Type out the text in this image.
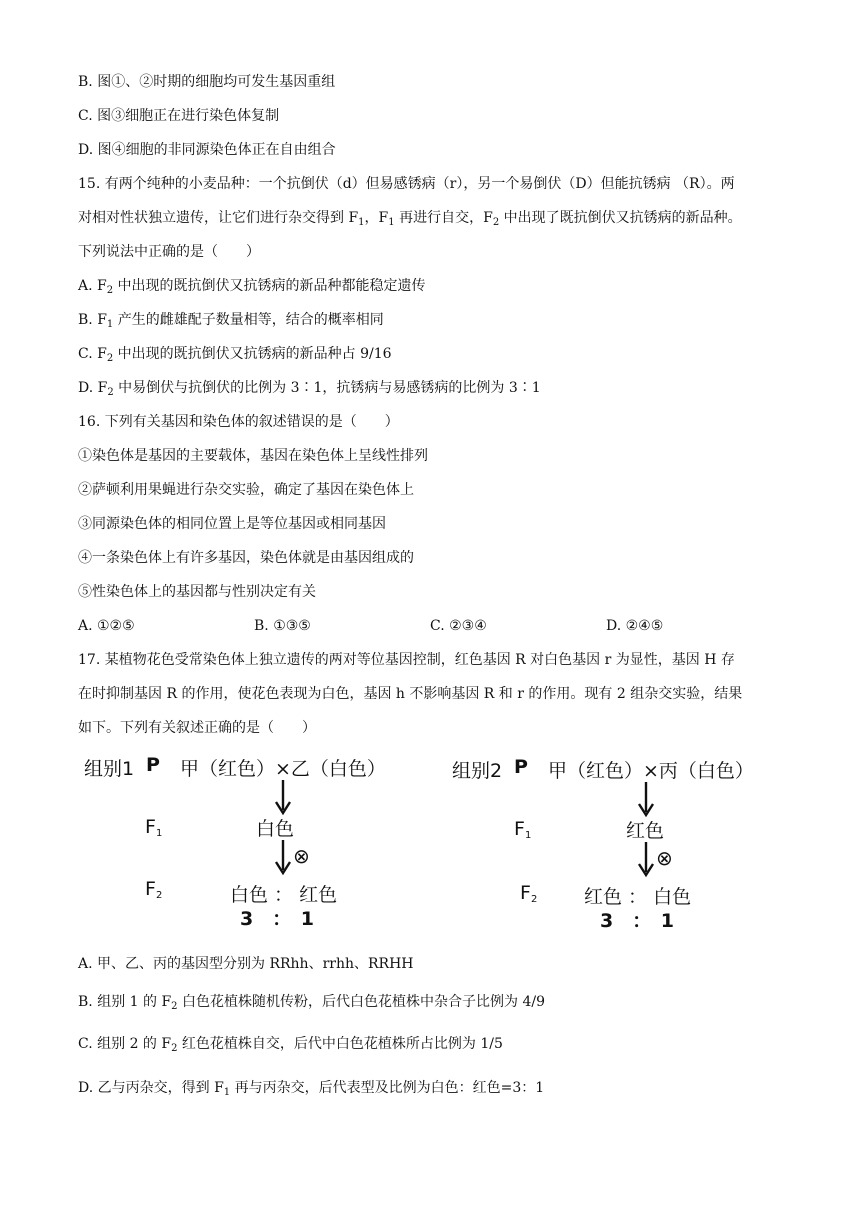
B. 图①、②时期的细胞均可发生基因重组
C. 图③细胞正在进行染色体复制
D. 图④细胞的非同源染色体正在自由组合
15. 有两个纯种的小麦品种：一个抗倒伏（d）但易感锈病（r），另一个易倒伏（D）但能抗锈病 （R）。两
对相对性状独立遗传，让它们进行杂交得到 $F_1$，$F_1$ 再进行自交，$F_2$ 中出现了既抗倒伏又抗锈病的新品种。
下列说法中正确的是（　　）
A. $F_2$ 中出现的既抗倒伏又抗锈病的新品种都能稳定遗传
B. $F_1$ 产生的雌雄配子数量相等，结合的概率相同
C. $F_2$ 中出现的既抗倒伏又抗锈病的新品种占 9/16
D. $F_2$ 中易倒伏与抗倒伏的比例为 3∶1，抗锈病与易感锈病的比例为 3∶1
16. 下列有关基因和染色体的叙述错误的是（　　）
①染色体是基因的主要载体，基因在染色体上呈线性排列
②萨顿利用果蝇进行杂交实验，确定了基因在染色体上
③同源染色体的相同位置上是等位基因或相同基因
④一条染色体上有许多基因，染色体就是由基因组成的
⑤性染色体上的基因都与性别决定有关
A. ①②⑤	B. ①③⑤	C. ②③④	D. ②④⑤
17. 某植物花色受常染色体上独立遗传的两对等位基因控制，红色基因 R 对白色基因 r 为显性，基因 H 存
在时抑制基因 R 的作用，使花色表现为白色，基因 h 不影响基因 R 和 r 的作用。现有 2 组杂交实验，结果
如下。下列有关叙述正确的是（　　）
组别1 P 甲（红色）×乙（白色）
$F_1$	白色
⊗
$F_2$	白色 ： 红色
3　：　1
组别2 P 甲（红色）×丙（白色）
$F_1$	红色
⊗
$F_2$ 红色 ： 白色
3　：　1
A. 甲、乙、丙的基因型分别为 RRhh、rrhh、RRHH
B. 组别 1 的 $F_2$ 白色花植株随机传粉，后代白色花植株中杂合子比例为 4/9
C. 组别 2 的 $F_2$ 红色花植株自交，后代中白色花植株所占比例为 1/5
D. 乙与丙杂交，得到 $F_1$ 再与丙杂交，后代表型及比例为白色：红色=3：1
